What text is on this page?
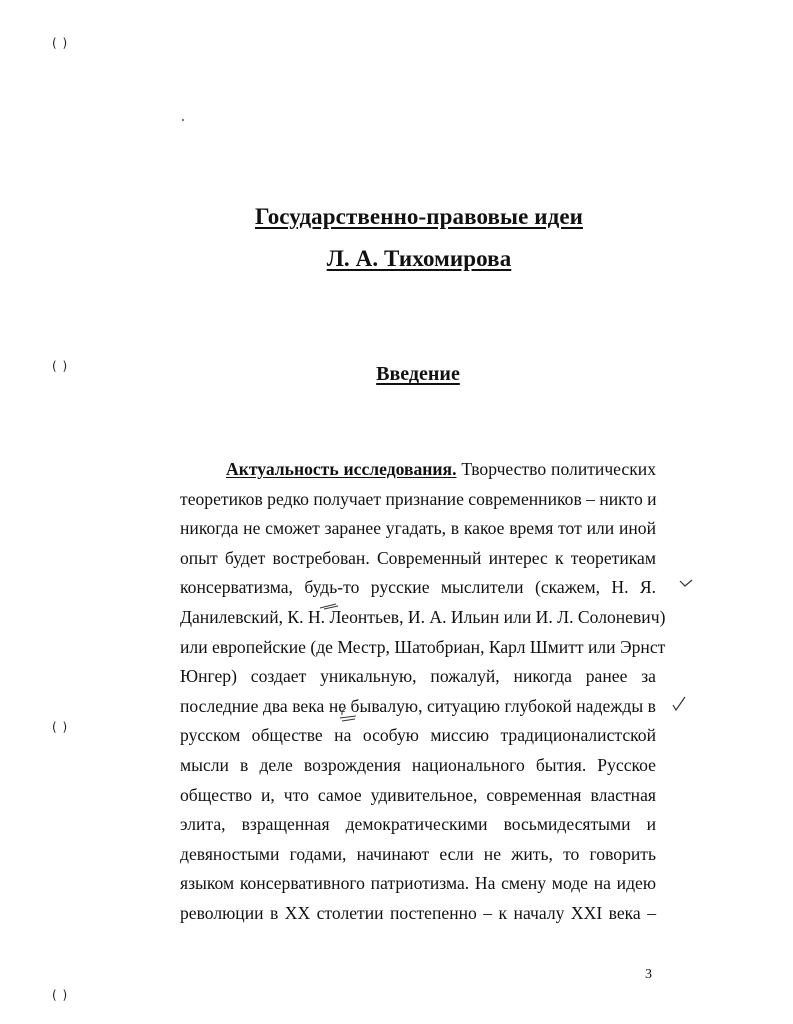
( )
( )
( )
( )
Государственно-правовые идеи
Л. А. Тихомирова
Введение
Актуальность исследования. Творчество политических
теоретиков редко получает признание современников – никто и
никогда не сможет заранее угадать, в какое время тот или иной
опыт будет востребован. Современный интерес к теоретикам
консерватизма, будь-то русские мыслители (скажем, Н. Я.
Данилевский, К. Н. Леонтьев, И. А. Ильин или И. Л. Солоневич)
или европейские (де Местр, Шатобриан, Карл Шмитт или Эрнст
Юнгер) создает уникальную, пожалуй, никогда ранее за
последние два века не бывалую, ситуацию глубокой надежды в
русском обществе на особую миссию традиционалистской
мысли в деле возрождения национального бытия. Русское
общество и, что самое удивительное, современная властная
элита, взращенная демократическими восьмидесятыми и
девяностыми годами, начинают если не жить, то говорить
языком консервативного патриотизма. На смену моде на идею
революции в XX столетии постепенно – к началу XXI века –
3
